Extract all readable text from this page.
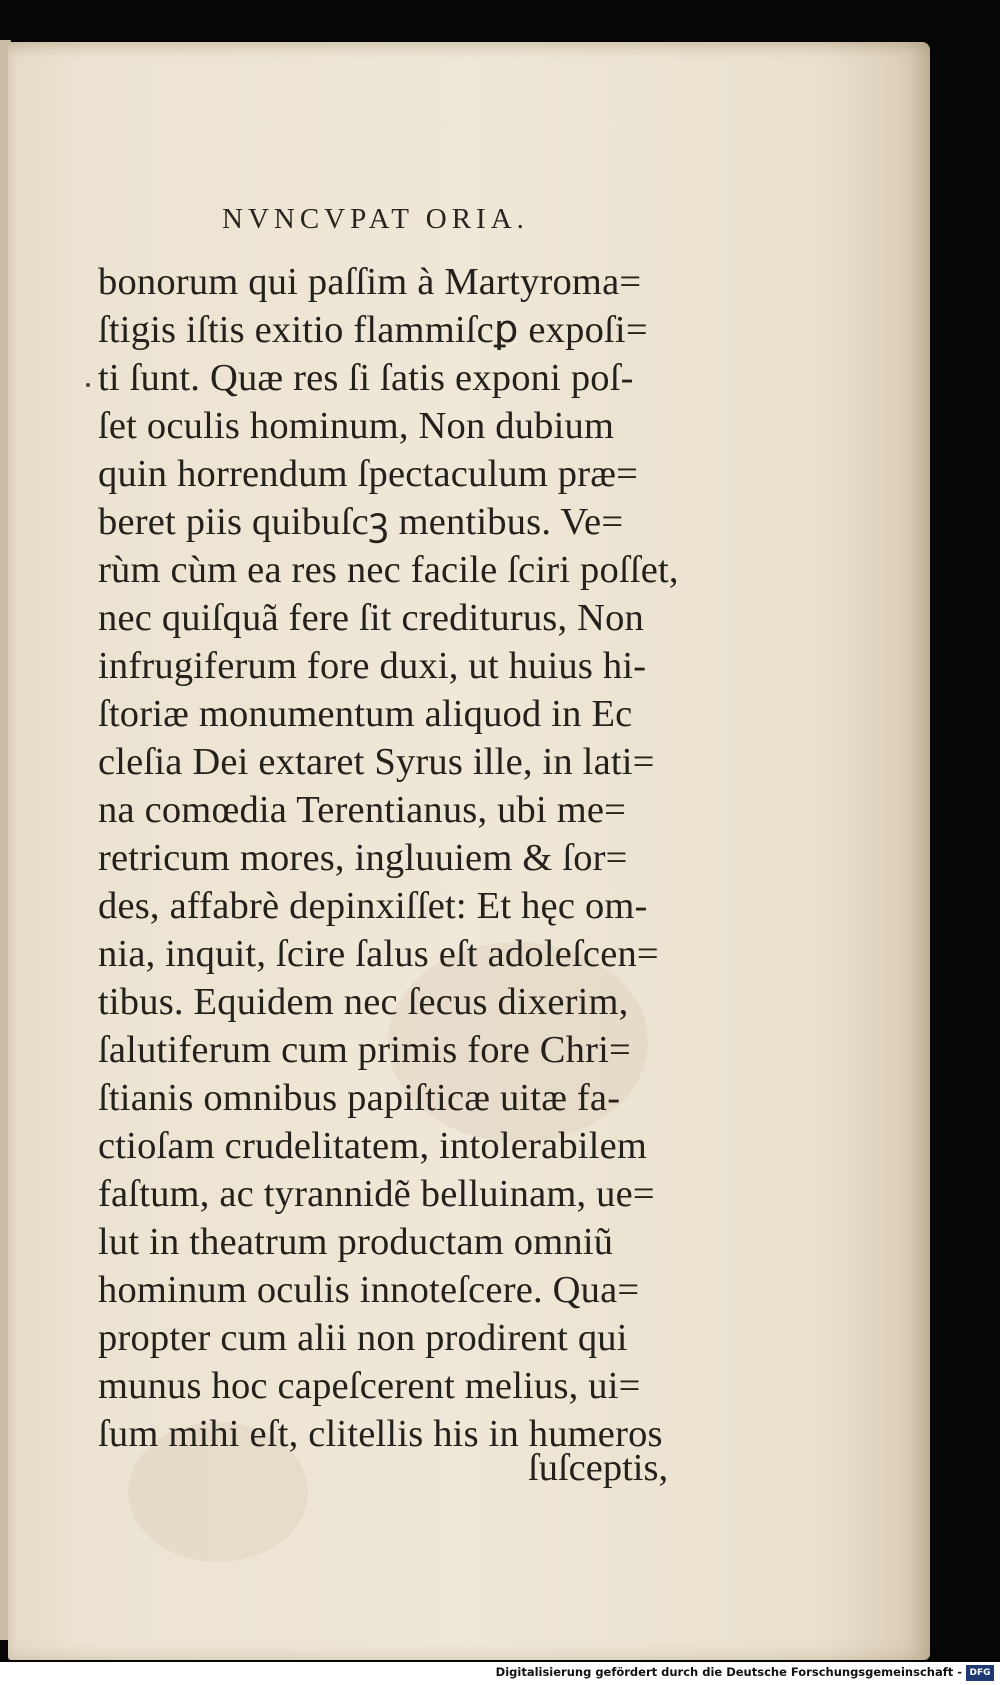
NVNCVPAT ORIA.
bonorum qui paſſim à Martyroma=
ſtigis iſtis exitio flammiſcꝑ expoſi=
ti ſunt. Quæ res ſi ſatis exponi poſ-
ſet oculis hominum, Non dubium
quin horrendum ſpectaculum præ=
beret piis quibuſcꝫ mentibus. Ve=
rùm cùm ea res nec facile ſciri poſſet,
nec quiſquã fere ſit crediturus, Non
infrugiferum fore duxi, ut huius hi-
ſtoriæ monumentum aliquod in Ec
cleſia Dei extaret Syrus ille, in lati=
na comœdia Terentianus, ubi me=
retricum mores, ingluuiem & ſor=
des, affabrè depinxiſſet: Et hęc om-
nia, inquit, ſcire ſalus eſt adoleſcen=
tibus. Equidem nec ſecus dixerim,
ſalutiferum cum primis fore Chri=
ſtianis omnibus papiſticæ uitæ fa-
ctioſam crudelitatem, intolerabilem
faſtum, ac tyrannidẽ belluinam, ue=
lut in theatrum productam omniũ
hominum oculis innoteſcere. Qua=
propter cum alii non prodirent qui
munus hoc capeſcerent melius, ui=
ſum mihi eſt, clitellis his in humeros
ſuſceptis,
Digitalisierung gefördert durch die Deutsche Forschungsgemeinschaft - DFG
